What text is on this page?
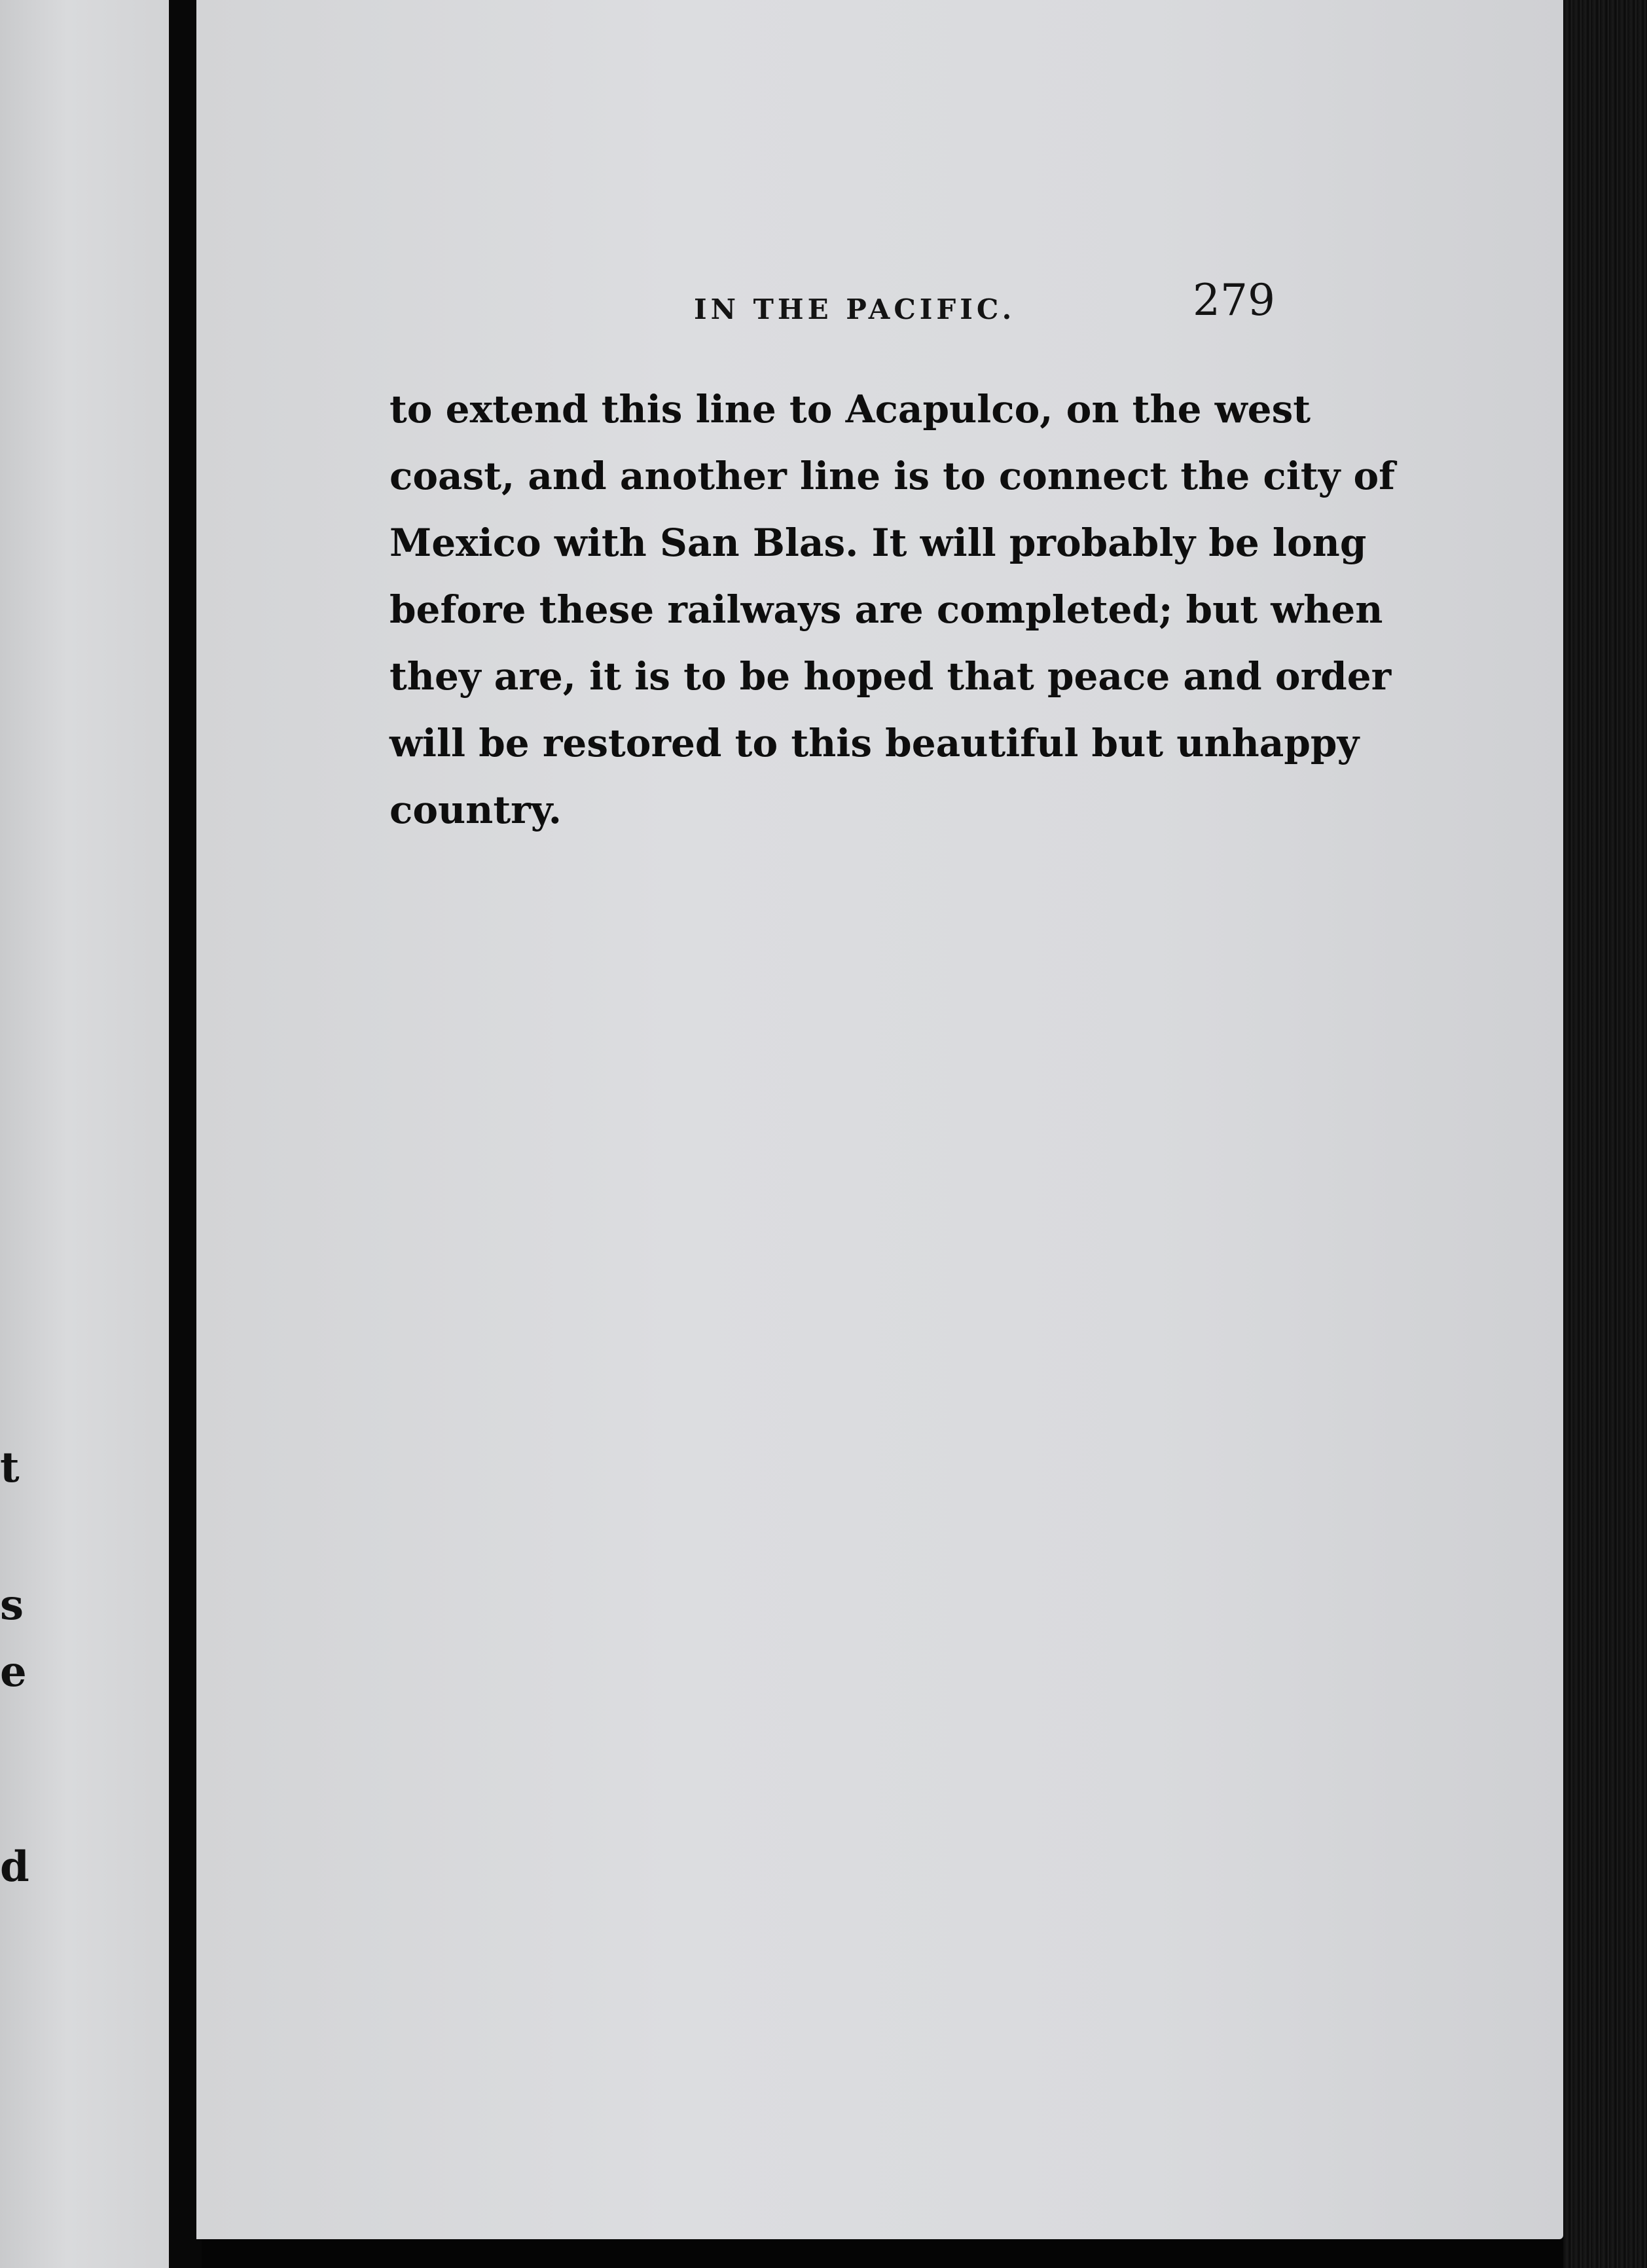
t
s
e
d
IN THE PACIFIC.	279
to extend this line to Acapulco, on the west
coast, and another line is to connect the city of
Mexico with San Blas. It will probably be long
before these railways are completed; but when
they are, it is to be hoped that peace and order
will be restored to this beautiful but unhappy
country.
